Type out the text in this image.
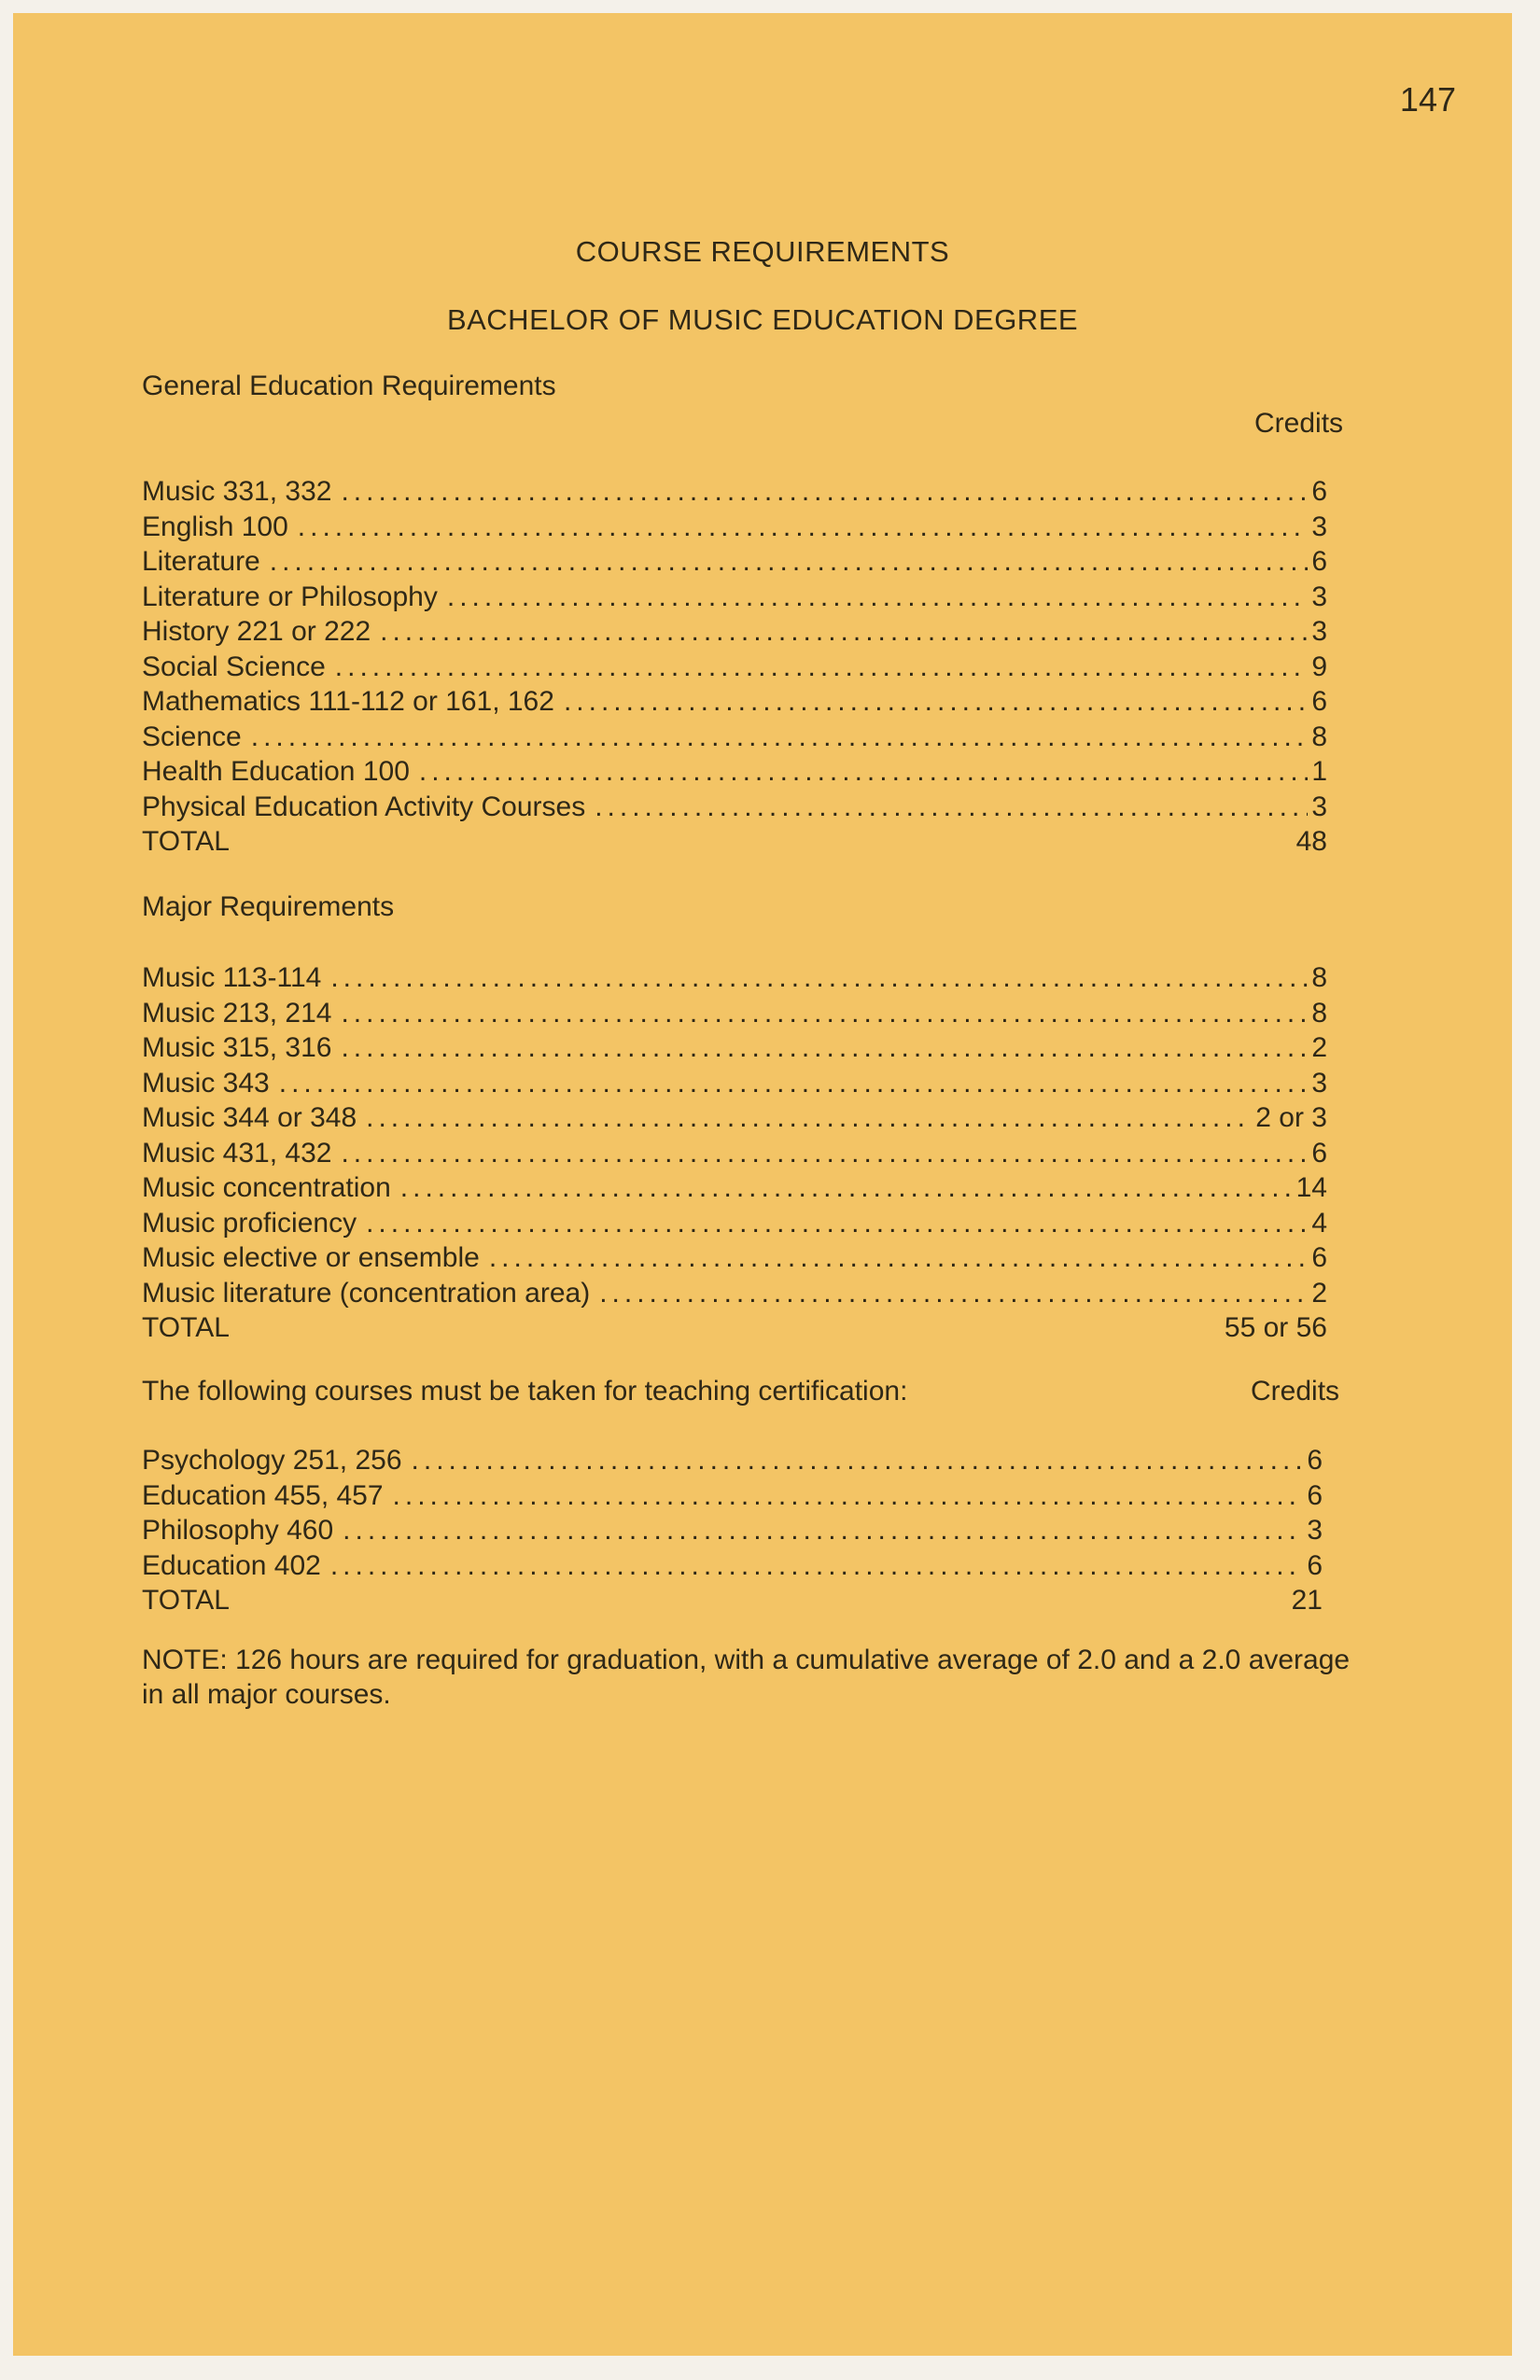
147
COURSE REQUIREMENTS
BACHELOR OF MUSIC EDUCATION DEGREE
General Education Requirements
Credits
Music 331, 332 .....	6
English 100 .....	3
Literature .....	6
Literature or Philosophy .....	3
History 221 or 222 .....	3
Social Science .....	9
Mathematics 111-112 or 161, 162 .....	6
Science .....	8
Health Education 100 .....	1
Physical Education Activity Courses .....	3
TOTAL	48
Major Requirements
Music 113-114 .....	8
Music 213, 214 .....	8
Music 315, 316 .....	2
Music 343 .....	3
Music 344 or 348 .....	2 or 3
Music 431, 432 .....	6
Music concentration .....	14
Music proficiency .....	4
Music elective or ensemble .....	6
Music literature (concentration area) .....	2
TOTAL	55 or 56
The following courses must be taken for teaching certification:	Credits
Psychology 251, 256 .....	6
Education 455, 457 .....	6
Philosophy 460 .....	3
Education 402 .....	6
TOTAL	21
NOTE: 126 hours are required for graduation, with a cumulative average of 2.0 and a 2.0 average in all major courses.
